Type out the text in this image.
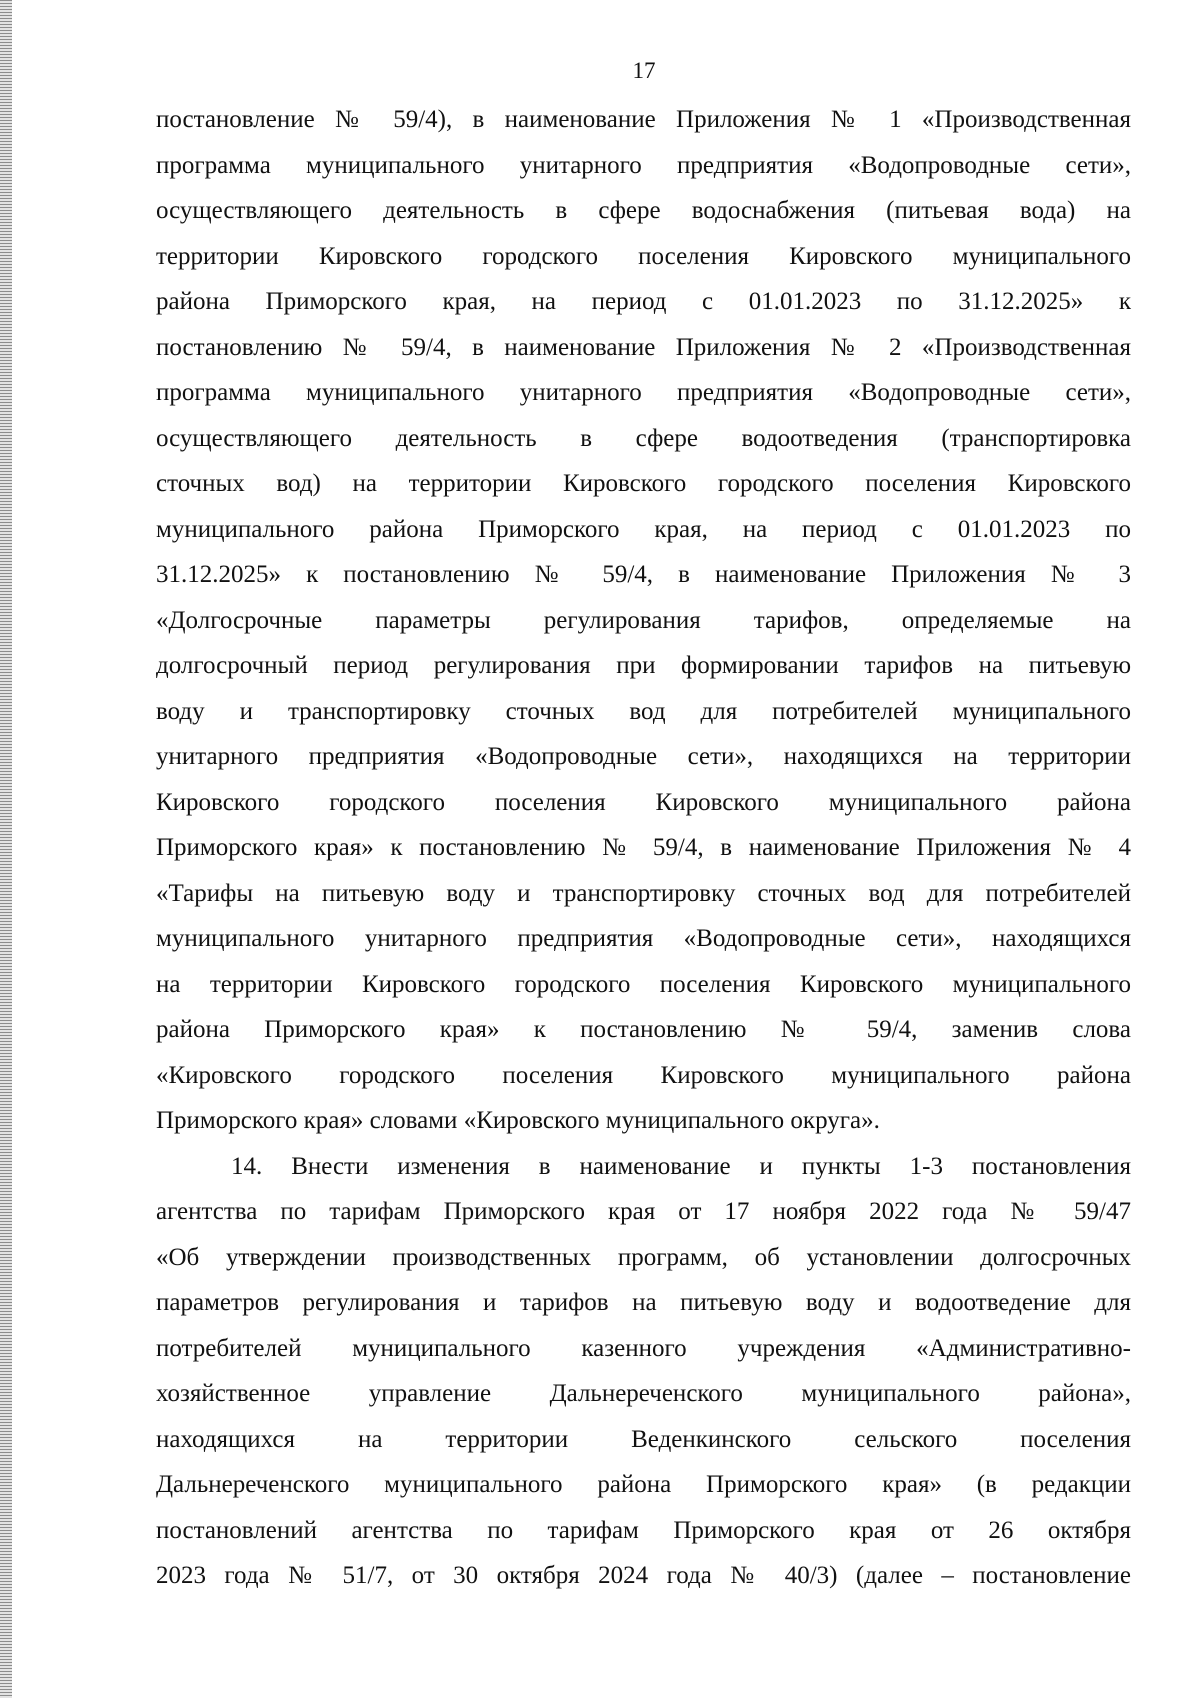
17

постановление № 59/4), в наименование Приложения № 1 «Производственная
программа муниципального унитарного предприятия «Водопроводные сети»,
осуществляющего деятельность в сфере водоснабжения (питьевая вода) на
территории Кировского городского поселения Кировского муниципального
района Приморского края, на период с 01.01.2023 по 31.12.2025» к
постановлению № 59/4, в наименование Приложения № 2 «Производственная
программа муниципального унитарного предприятия «Водопроводные сети»,
осуществляющего деятельность в сфере водоотведения (транспортировка
сточных вод) на территории Кировского городского поселения Кировского
муниципального района Приморского края, на период с 01.01.2023 по
31.12.2025» к постановлению № 59/4, в наименование Приложения № 3
«Долгосрочные параметры регулирования тарифов, определяемые на
долгосрочный период регулирования при формировании тарифов на питьевую
воду и транспортировку сточных вод для потребителей муниципального
унитарного предприятия «Водопроводные сети», находящихся на территории
Кировского городского поселения Кировского муниципального района
Приморского края» к постановлению № 59/4, в наименование Приложения № 4
«Тарифы на питьевую воду и транспортировку сточных вод для потребителей
муниципального унитарного предприятия «Водопроводные сети», находящихся
на территории Кировского городского поселения Кировского муниципального
района Приморского края» к постановлению № 59/4, заменив слова
«Кировского городского поселения Кировского муниципального района
Приморского края» словами «Кировского муниципального округа».

14. Внести изменения в наименование и пункты 1-3 постановления
агентства по тарифам Приморского края от 17 ноября 2022 года № 59/47
«Об утверждении производственных программ, об установлении долгосрочных
параметров регулирования и тарифов на питьевую воду и водоотведение для
потребителей муниципального казенного учреждения «Административно-
хозяйственное управление Дальнереченского муниципального района»,
находящихся на территории Веденкинского сельского поселения
Дальнереченского муниципального района Приморского края» (в редакции
постановлений агентства по тарифам Приморского края от 26 октября
2023 года № 51/7, от 30 октября 2024 года № 40/3) (далее – постановление
